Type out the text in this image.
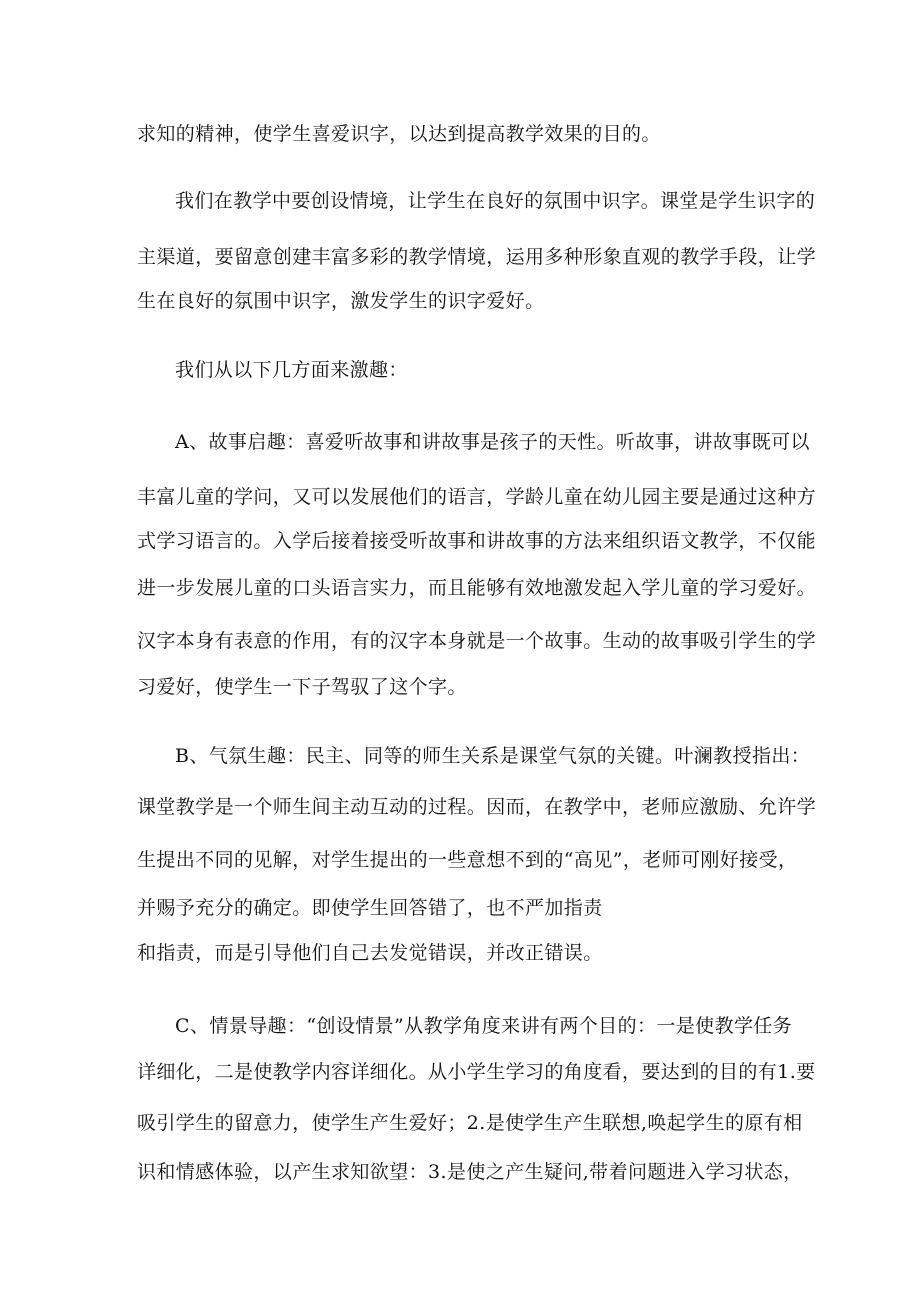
求知的精神，使学生喜爱识字，以达到提高教学效果的目的。
我们在教学中要创设情境，让学生在良好的氛围中识字。课堂是学生识字的
主渠道，要留意创建丰富多彩的教学情境，运用多种形象直观的教学手段，让学
生在良好的氛围中识字，激发学生的识字爱好。
我们从以下几方面来激趣：
A、故事启趣：喜爱听故事和讲故事是孩子的天性。听故事，讲故事既可以
丰富儿童的学问，又可以发展他们的语言，学龄儿童在幼儿园主要是通过这种方
式学习语言的。入学后接着接受听故事和讲故事的方法来组织语文教学，不仅能
进一步发展儿童的口头语言实力，而且能够有效地激发起入学儿童的学习爱好。
汉字本身有表意的作用，有的汉字本身就是一个故事。生动的故事吸引学生的学
习爱好，使学生一下子驾驭了这个字。
B、气氛生趣：民主、同等的师生关系是课堂气氛的关键。叶澜教授指出：
课堂教学是一个师生间主动互动的过程。因而，在教学中，老师应激励、允许学
生提出不同的见解，对学生提出的一些意想不到的“高见”，老师可刚好接受，
并赐予充分的确定。即使学生回答错了，也不严加指责
和指责，而是引导他们自己去发觉错误，并改正错误。
C、情景导趣：“创设情景”从教学角度来讲有两个目的：一是使教学任务
详细化，二是使教学内容详细化。从小学生学习的角度看，要达到的目的有1.要
吸引学生的留意力，使学生产生爱好；2.是使学生产生联想,唤起学生的原有相
识和情感体验，以产生求知欲望：3.是使之产生疑问,带着问题进入学习状态，
